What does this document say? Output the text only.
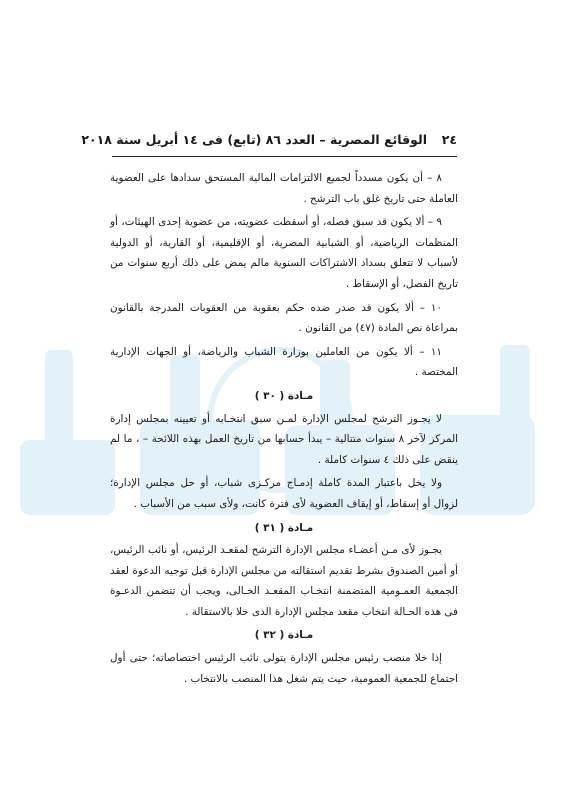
٢٤
الوقائع المصرية – العدد ٨٦ (تابع) فى ١٤ أبريل سنة ٢٠١٨

٨ – أن يكون مسدداً لجميع الالتزامات المالية المستحق سدادها على العضوية العاملة حتى تاريخ غلق باب الترشح .

٩ – ألا يكون قد سبق فصله، أو أسقطت عضويته، من عضوية إحدى الهيئات، أو المنظمات الرياضية، أو الشبابية المصرية، أو الإقليمية، أو القارية، أو الدولية لأسباب لا تتعلق بسداد الاشتراكات السنوية مالم يمض على ذلك أربع سنوات من تاريخ الفصل، أو الإسقاط .

١٠ – ألا يكون قد صدر ضده حكم بعقوبة من العقوبات المدرجة بالقانون بمراعاة نص المادة (٤٧) من القانون .

١١ – ألا يكون من العاملين بوزارة الشباب والرياضة، أو الجهات الإدارية المختصة .

مـادة ( ٣٠ )

لا يجـوز الترشح لمجلس الإدارة لمـن سبق انتخـابه أو تعيينه بمجلس إدارة المركز لآخر ٨ سنوات متتالية – يبدأ حسابها من تاريخ العمل بهذه اللائحة – ، ما لم ينقض على ذلك ٤ سنوات كاملة .

ولا يخل باعتبار المدة كاملة إدمـاج مركـزى شباب، أو حل مجلس الإدارة؛ لزوال أو إسقاط، أو إيقاف العضوية لأى فترة كانت، ولأى سبب من الأسباب .

مـادة ( ٣١ )

يجـوز لأى مـن أعضـاء مجلس الإدارة الترشح لمقعـد الرئيس، أو نائب الرئيس، أو أمين الصندوق بشرط تقديم استقالته من مجلس الإدارة قبل توجيه الدعوة لعقد الجمعية العمـومية المتضمنة انتخـاب المقعـد الخـالى، ويجب أن تتضمن الدعـوة فى هذه الحـالة انتخاب مقعد مجلس الإدارة الذى خلا بالاستقالة .

مـادة ( ٣٢ )

إذا خلا منصب رئيس مجلس الإدارة يتولى نائب الرئيس اختصاصاته؛ حتى أول اجتماع للجمعية العمومية، حيث يتم شغل هذا المنصب بالانتخاب .
